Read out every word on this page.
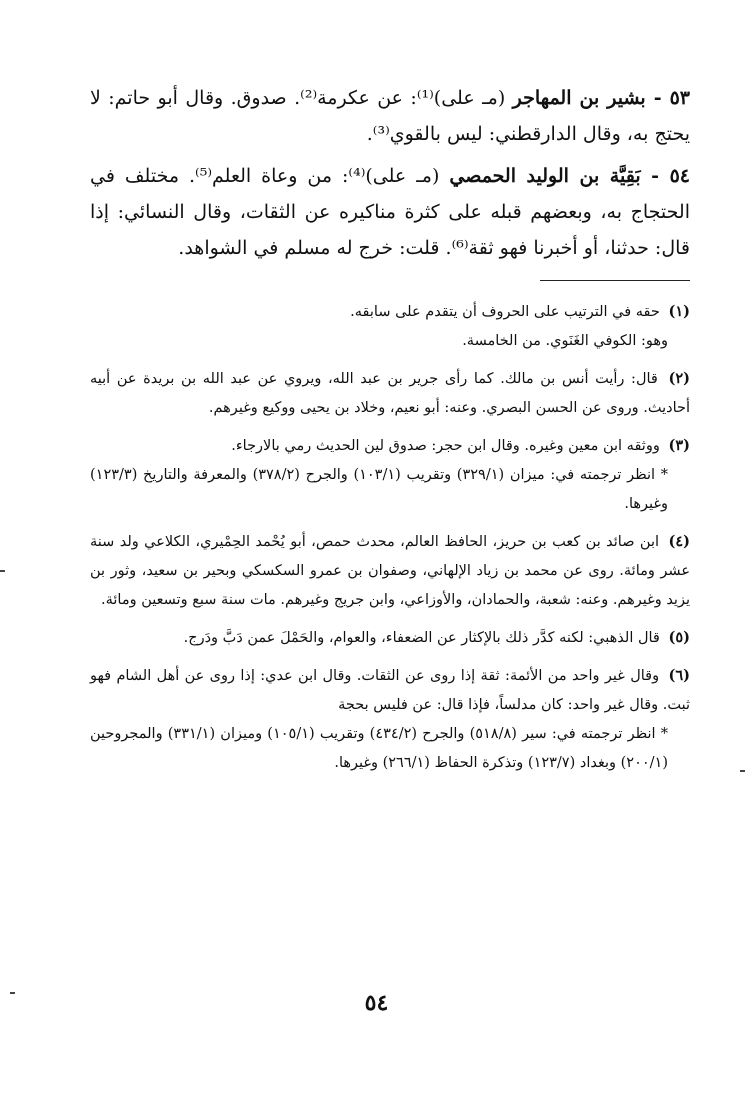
٥٣ - بشير بن المهاجر (مـ على)⁽¹⁾: عن عكرمة⁽²⁾. صدوق. وقال أبو حاتم: لا يحتج به، وقال الدارقطني: ليس بالقوي⁽³⁾.

٥٤ - بَقِيَّة بن الوليد الحمصي (مـ على)⁽⁴⁾: من وعاة العلم⁽⁵⁾. مختلف في الحتجاج به، وبعضهم قبله على كثرة مناكيره عن الثقات، وقال النسائي: إذا قال: حدثنا، أو أخبرنا فهو ثقة⁽⁶⁾. قلت: خرج له مسلم في الشواهد.

(١) حقه في الترتيب على الحروف أن يتقدم على سابقه.
وهو: الكوفي الغَنَوي. من الخامسة.
(٢) قال: رأيت أنس بن مالك. كما رأى جرير بن عبد الله، ويروي عن عبد الله بن بريدة عن أبيه أحاديث. وروى عن الحسن البصري. وعنه: أبو نعيم، وخلاد بن يحيى ووكيع وغيرهم.
(٣) ووثقه ابن معين وغيره. وقال ابن حجر: صدوق لين الحديث رمي بالارجاء.
* انظر ترجمته في: ميزان (٣٢٩/١) وتقريب (١٠٣/١) والجرح (٣٧٨/٢) والمعرفة والتاريخ (١٢٣/٣) وغيرها.
(٤) ابن صائد بن كعب بن حريز، الحافظ العالم، محدث حمص، أبو يُحْمد الحِمْيري، الكلاعي ولد سنة عشر ومائة. روى عن محمد بن زياد الإلهاني، وصفوان بن عمرو السكسكي وبحير بن سعيد، وثور بن يزيد وغيرهم. وعنه: شعبة، والحمادان، والأوزاعي، وابن جريج وغيرهم. مات سنة سبع وتسعين ومائة.
(٥) قال الذهبي: لكنه كدَّر ذلك بالإكثار عن الضعفاء، والعوام، والحَمْلَ عمن دَبَّ ودَرج.
(٦) وقال غير واحد من الأئمة: ثقة إذا روى عن الثقات. وقال ابن عدي: إذا روى عن أهل الشام فهو ثبت. وقال غير واحد: كان مدلساً، فإذا قال: عن فليس بحجة
* انظر ترجمته في: سير (٥١٨/٨) والجرح (٤٣٤/٢) وتقريب (١٠٥/١) وميزان (٣٣١/١) والمجروحين (٢٠٠/١) وبغداد (١٢٣/٧) وتذكرة الحفاظ (٢٦٦/١) وغيرها.
٥٤
